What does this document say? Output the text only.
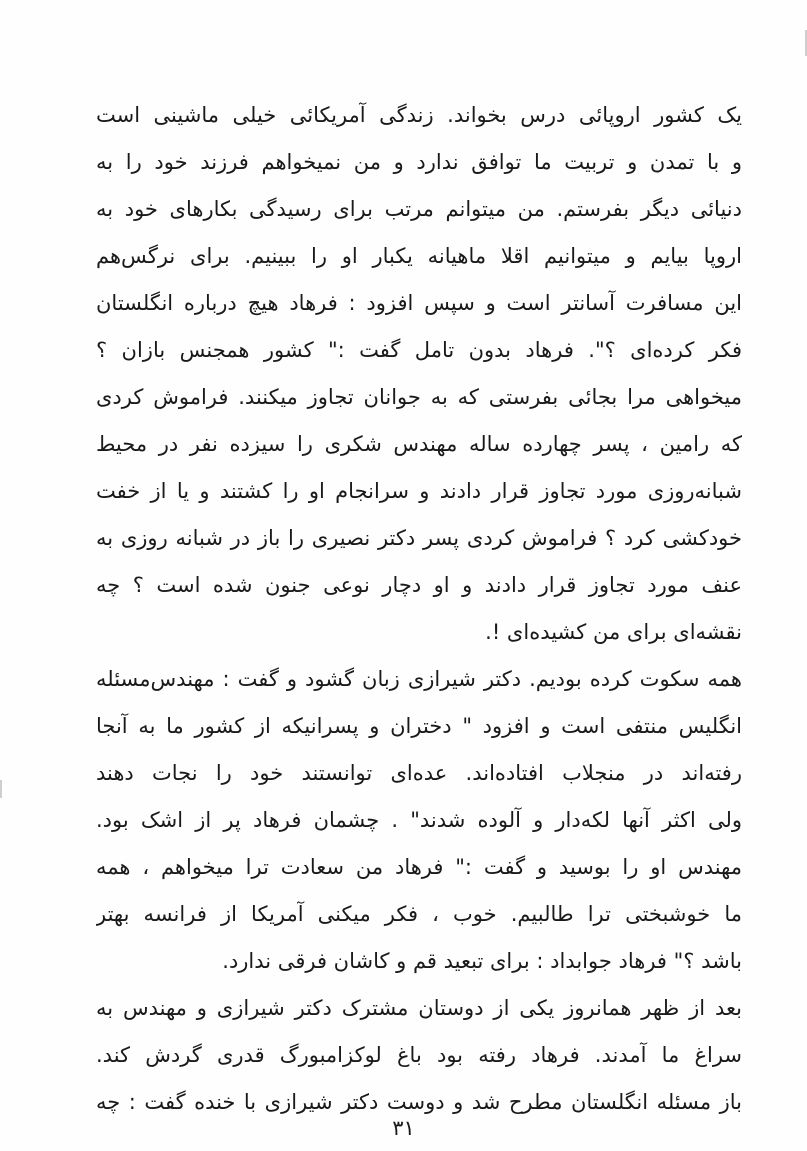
یک کشور اروپائی درس بخواند. زندگی آمریکائی خیلی ماشینی است
و با تمدن و تربیت ما توافق ندارد و من نمیخواهم فرزند خود را به
دنیائی دیگر بفرستم. من میتوانم مرتب برای رسیدگی بکارهای خود به
اروپا بیایم و میتوانیم اقلا ماهیانه یکبار او را ببینیم. برای نرگس‌هم
این مسافرت آسانتر است و سپس افزود : فرهاد هیچ درباره انگلستان
فکر کرده‌ای ؟". فرهاد بدون تامل گفت :" کشور همجنس بازان ؟
میخواهی مرا بجائی بفرستی که به جوانان تجاوز میکنند. فراموش کردی
که رامین ، پسر چهارده ساله مهندس شکری را سیزده نفر در محیط
شبانه‌روزی مورد تجاوز قرار دادند و سرانجام او را کشتند و یا از خفت
خودکشی کرد ؟ فراموش کردی پسر دکتر نصیری را باز در شبانه روزی به
عنف مورد تجاوز قرار دادند و او دچار نوعی جنون شده است ؟ چه
نقشه‌ای برای من کشیده‌ای !.
همه سکوت کرده بودیم. دکتر شیرازی زبان گشود و گفت : مهندس‌مسئله
انگلیس منتفی است و افزود " دختران و پسرانیکه از کشور ما به آنجا
رفته‌اند در منجلاب افتاده‌اند. عده‌ای توانستند خود را نجات دهند
ولی اکثر آنها لکه‌دار و آلوده شدند" . چشمان فرهاد پر از اشک بود.
مهندس او را بوسید و گفت :" فرهاد من سعادت ترا میخواهم ، همه
ما خوشبختی ترا طالبیم. خوب ، فکر میکنی آمریکا از فرانسه بهتر
باشد ؟" فرهاد جوابداد : برای تبعید قم و کاشان فرقی ندارد.
بعد از ظهر همانروز یکی از دوستان مشترک دکتر شیرازی و مهندس به
سراغ ما آمدند. فرهاد رفته بود باغ لوکزامبورگ قدری گردش کند.
باز مسئله انگلستان مطرح شد و دوست دکتر شیرازی با خنده گفت : چه
۳۱
